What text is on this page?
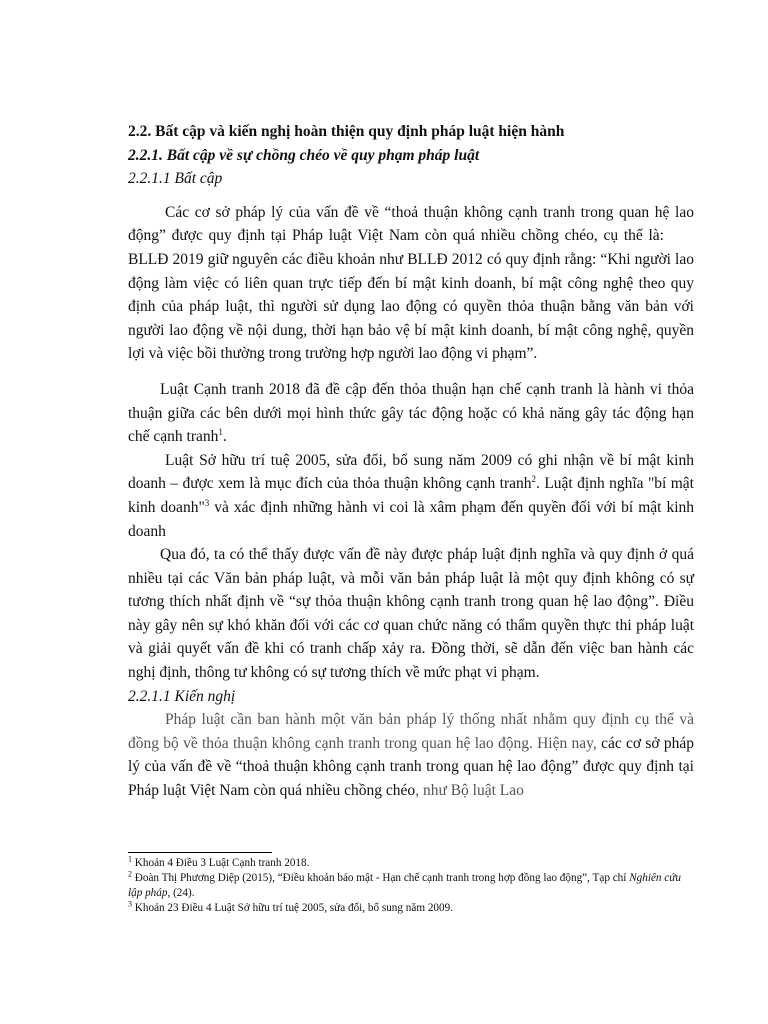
2.2. Bất cập và kiến nghị hoàn thiện quy định pháp luật hiện hành

2.2.1. Bất cập về sự chồng chéo về quy phạm pháp luật

2.2.1.1 Bất cập

Các cơ sở pháp lý của vấn đề về “thoả thuận không cạnh tranh trong quan hệ lao động” được quy định tại Pháp luật Việt Nam còn quá nhiều chồng chéo, cụ thể là:BLLĐ 2019 giữ nguyên các điều khoản như BLLĐ 2012 có quy định rằng: “Khi người lao động làm việc có liên quan trực tiếp đến bí mật kinh doanh, bí mật công nghệ theo quy định của pháp luật, thì người sử dụng lao động có quyền thỏa thuận bằng văn bản với người lao động về nội dung, thời hạn bảo vệ bí mật kinh doanh, bí mật công nghệ, quyền lợi và việc bồi thường trong trường hợp người lao động vi phạm”.

Luật Cạnh tranh 2018 đã đề cập đến thỏa thuận hạn chế cạnh tranh là hành vi thỏa thuận giữa các bên dưới mọi hình thức gây tác động hoặc có khả năng gây tác động hạn chế cạnh tranh$^1$.

Luật Sở hữu trí tuệ 2005, sửa đổi, bổ sung năm 2009 có ghi nhận về bí mật kinh doanh – được xem là mục đích của thỏa thuận không cạnh tranh$^2$. Luật định nghĩa "bí mật kinh doanh"$^3$ và xác định những hành vi coi là xâm phạm đến quyền đối với bí mật kinh doanh

Qua đó, ta có thể thấy được vấn đề này được pháp luật định nghĩa và quy định ở quá nhiều tại các Văn bản pháp luật, và mỗi văn bản pháp luật là một quy định không có sự tương thích nhất định về “sự thỏa thuận không cạnh tranh trong quan hệ lao động”. Điều này gây nên sự khó khăn đối với các cơ quan chức năng có thẩm quyền thực thi pháp luật và giải quyết vấn đề khi có tranh chấp xảy ra. Đồng thời, sẽ dẫn đến việc ban hành các nghị định, thông tư không có sự tương thích về mức phạt vi phạm.

2.2.1.1 Kiến nghị

Pháp luật cần ban hành một văn bản pháp lý thống nhất nhằm quy định cụ thể và đồng bộ về thỏa thuận không cạnh tranh trong quan hệ lao động. Hiện nay, các cơ sở pháp lý của vấn đề về “thoả thuận không cạnh tranh trong quan hệ lao động” được quy định tại Pháp luật Việt Nam còn quá nhiều chồng chéo, như Bộ luật Lao

$^1$ Khoản 4 Điều 3 Luật Cạnh tranh 2018.

$^2$ Đoàn Thị Phương Diệp (2015), “Điều khoản bảo mật - Hạn chế cạnh tranh trong hợp đồng lao động”, Tạp chí Nghiên cứu lập pháp, (24).

$^3$ Khoản 23 Điều 4 Luật Sở hữu trí tuệ 2005, sửa đổi, bổ sung năm 2009.
